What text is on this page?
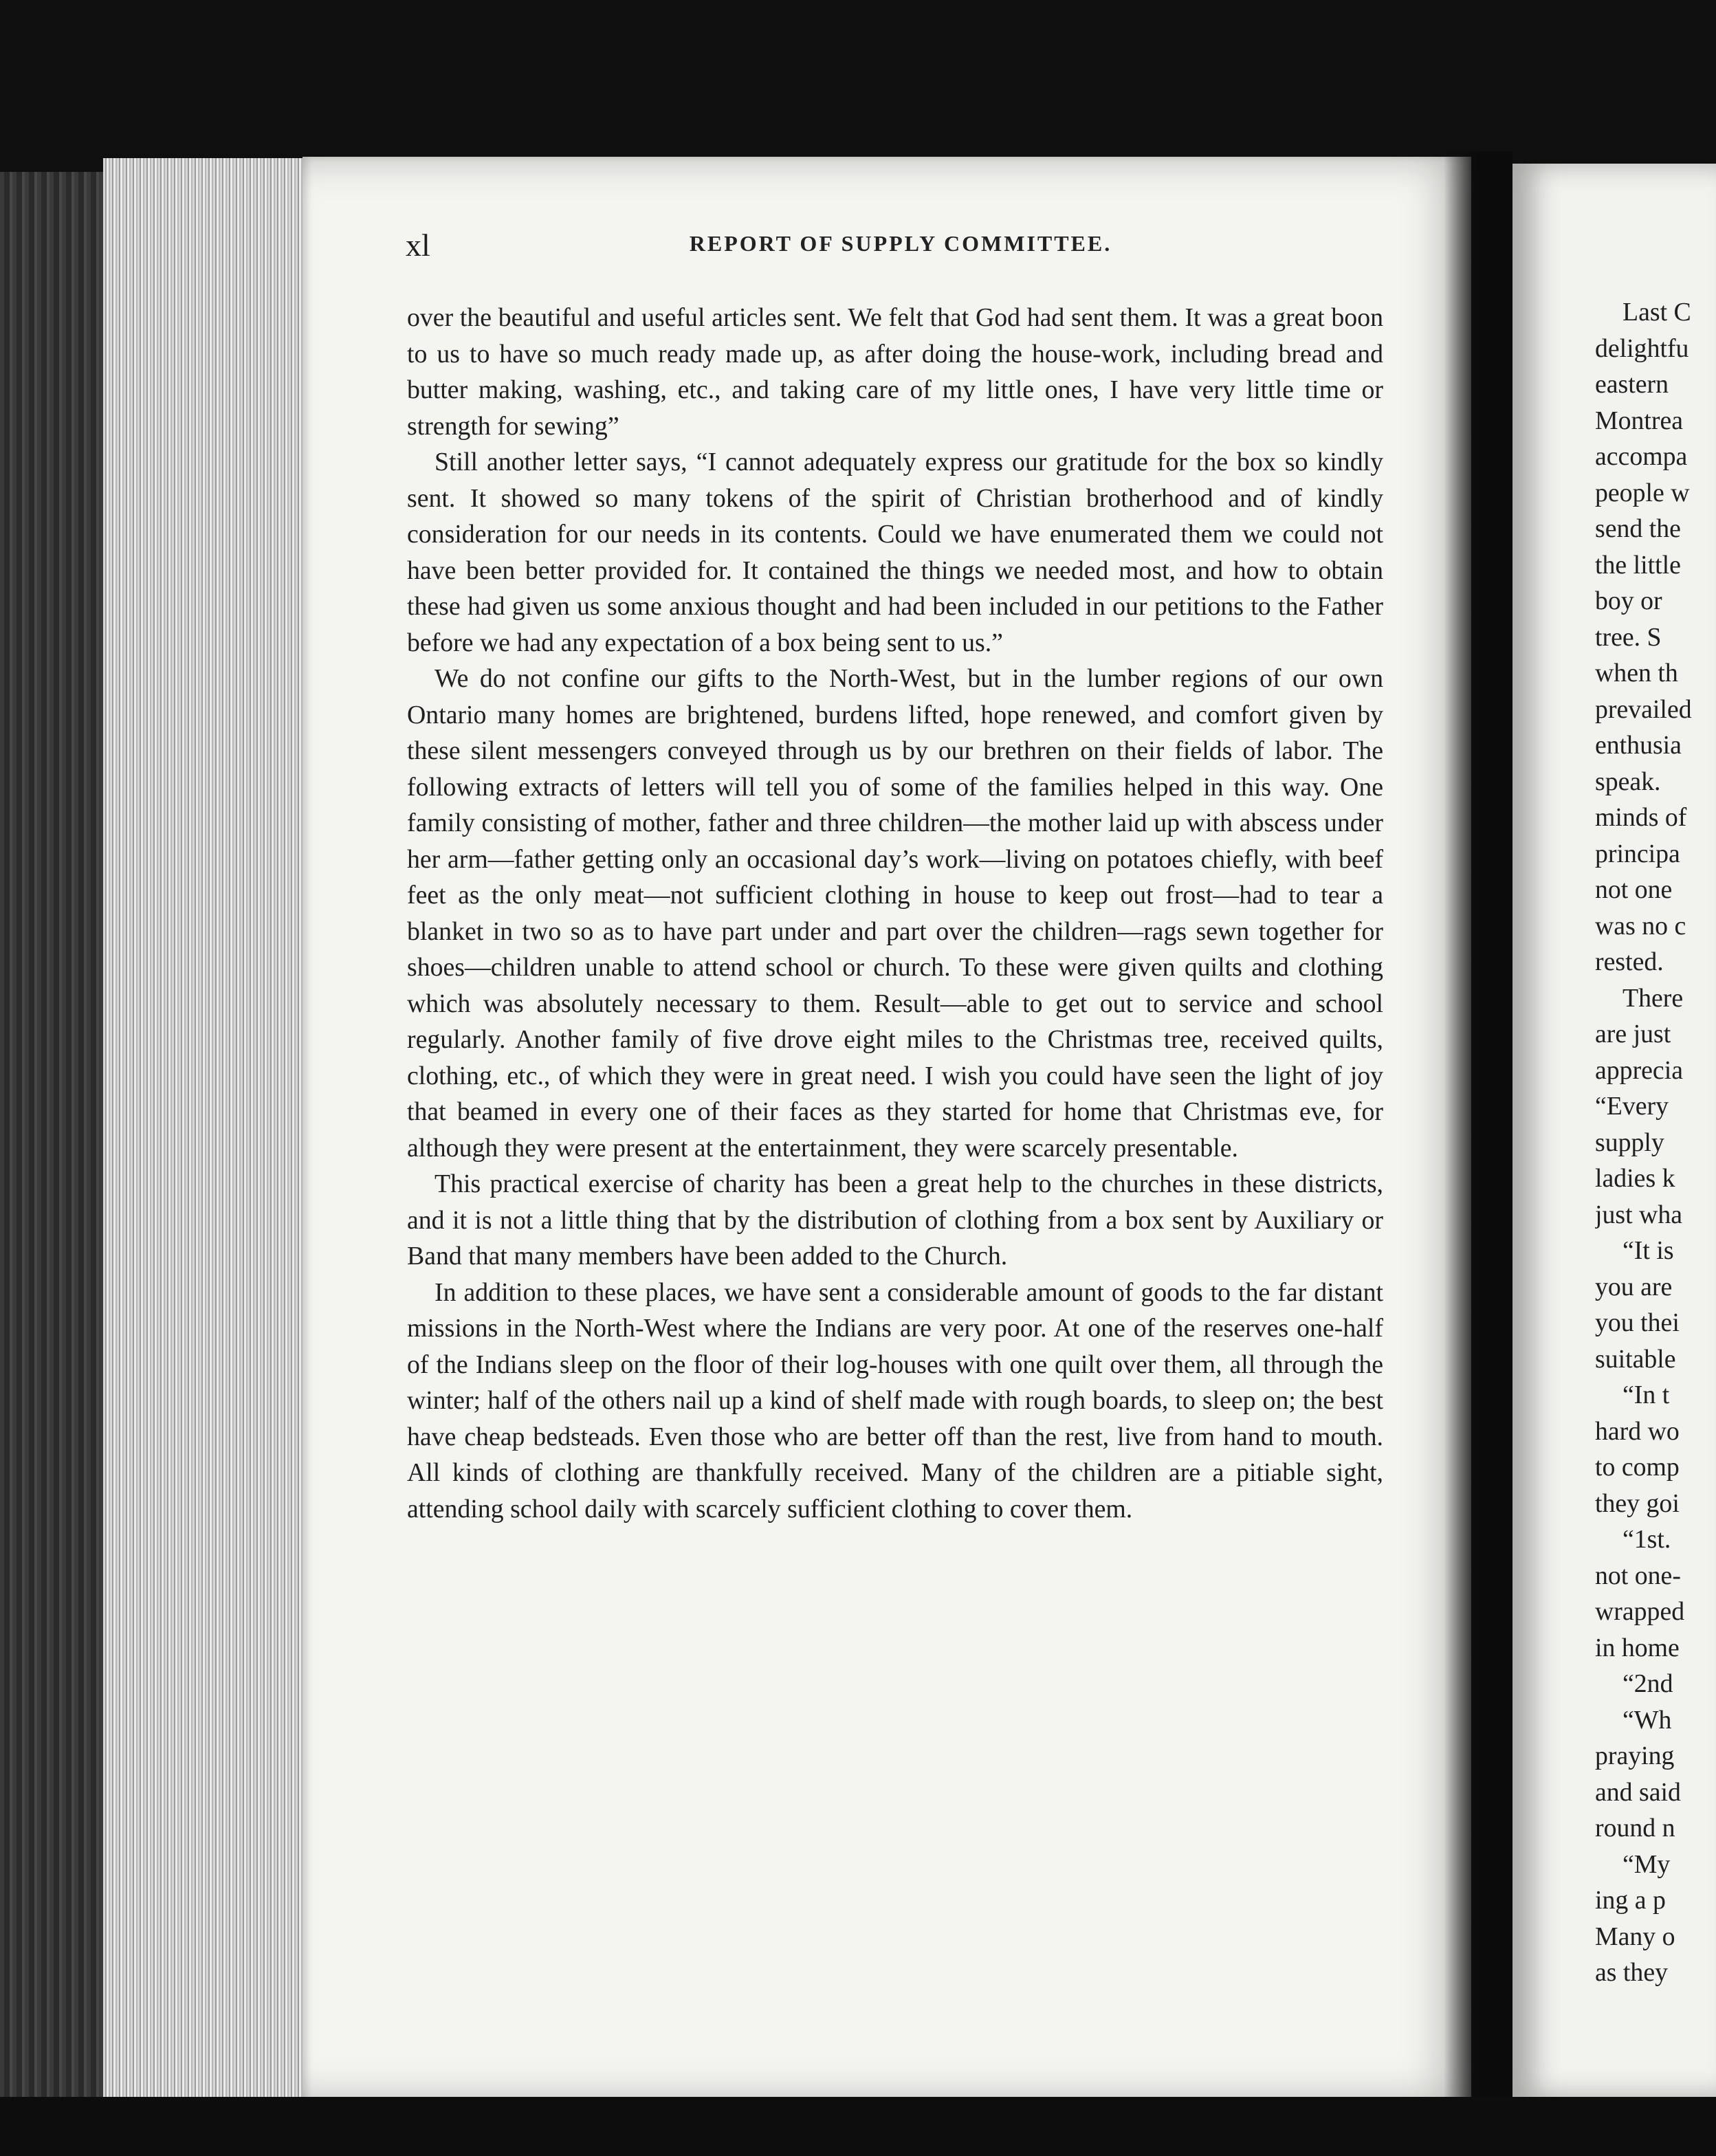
xl	REPORT OF SUPPLY COMMITTEE.

over the beautiful and useful articles sent. We felt that God had sent them. It was a great boon to us to have so much ready made up, as after doing the house-work, including bread and butter making, washing, etc., and taking care of my little ones, I have very little time or strength for sewing”

Still another letter says, “I cannot adequately express our gratitude for the box so kindly sent. It showed so many tokens of the spirit of Christian brotherhood and of kindly consideration for our needs in its contents. Could we have enumerated them we could not have been better provided for. It contained the things we needed most, and how to obtain these had given us some anxious thought and had been included in our petitions to the Father before we had any expectation of a box being sent to us.”

We do not confine our gifts to the North-West, but in the lumber regions of our own Ontario many homes are brightened, burdens lifted, hope renewed, and comfort given by these silent messengers conveyed through us by our brethren on their fields of labor. The following extracts of letters will tell you of some of the families helped in this way. One family consisting of mother, father and three children—the mother laid up with abscess under her arm—father getting only an occasional day’s work—living on potatoes chiefly, with beef feet as the only meat—not sufficient clothing in house to keep out frost—had to tear a blanket in two so as to have part under and part over the children—rags sewn together for shoes—children unable to attend school or church. To these were given quilts and clothing which was absolutely necessary to them. Result—able to get out to service and school regularly. Another family of five drove eight miles to the Christmas tree, received quilts, clothing, etc., of which they were in great need. I wish you could have seen the light of joy that beamed in every one of their faces as they started for home that Christmas eve, for although they were present at the entertainment, they were scarcely presentable.

This practical exercise of charity has been a great help to the churches in these districts, and it is not a little thing that by the distribution of clothing from a box sent by Auxiliary or Band that many members have been added to the Church.

In addition to these places, we have sent a considerable amount of goods to the far distant missions in the North-West where the Indians are very poor. At one of the reserves one-half of the Indians sleep on the floor of their log-houses with one quilt over them, all through the winter; half of the others nail up a kind of shelf made with rough boards, to sleep on; the best have cheap bedsteads. Even those who are better off than the rest, live from hand to mouth. All kinds of clothing are thankfully received. Many of the children are a pitiable sight, attending school daily with scarcely sufficient clothing to cover them.

Last C
delightfu
eastern
Montrea
accompa
people w
send the
the little
boy or
tree. S
when th
prevailed
enthusia
speak.
minds of
principa
not one
was no c
rested.
There
are just
apprecia
“Every
supply
ladies k
just wha
“It is
you are
you thei
suitable
“In t
hard wo
to comp
they goi
“1st.
not one-
wrapped
in home
“2nd
“Wh
praying
and said
round n
“My
ing a p
Many o
as they
